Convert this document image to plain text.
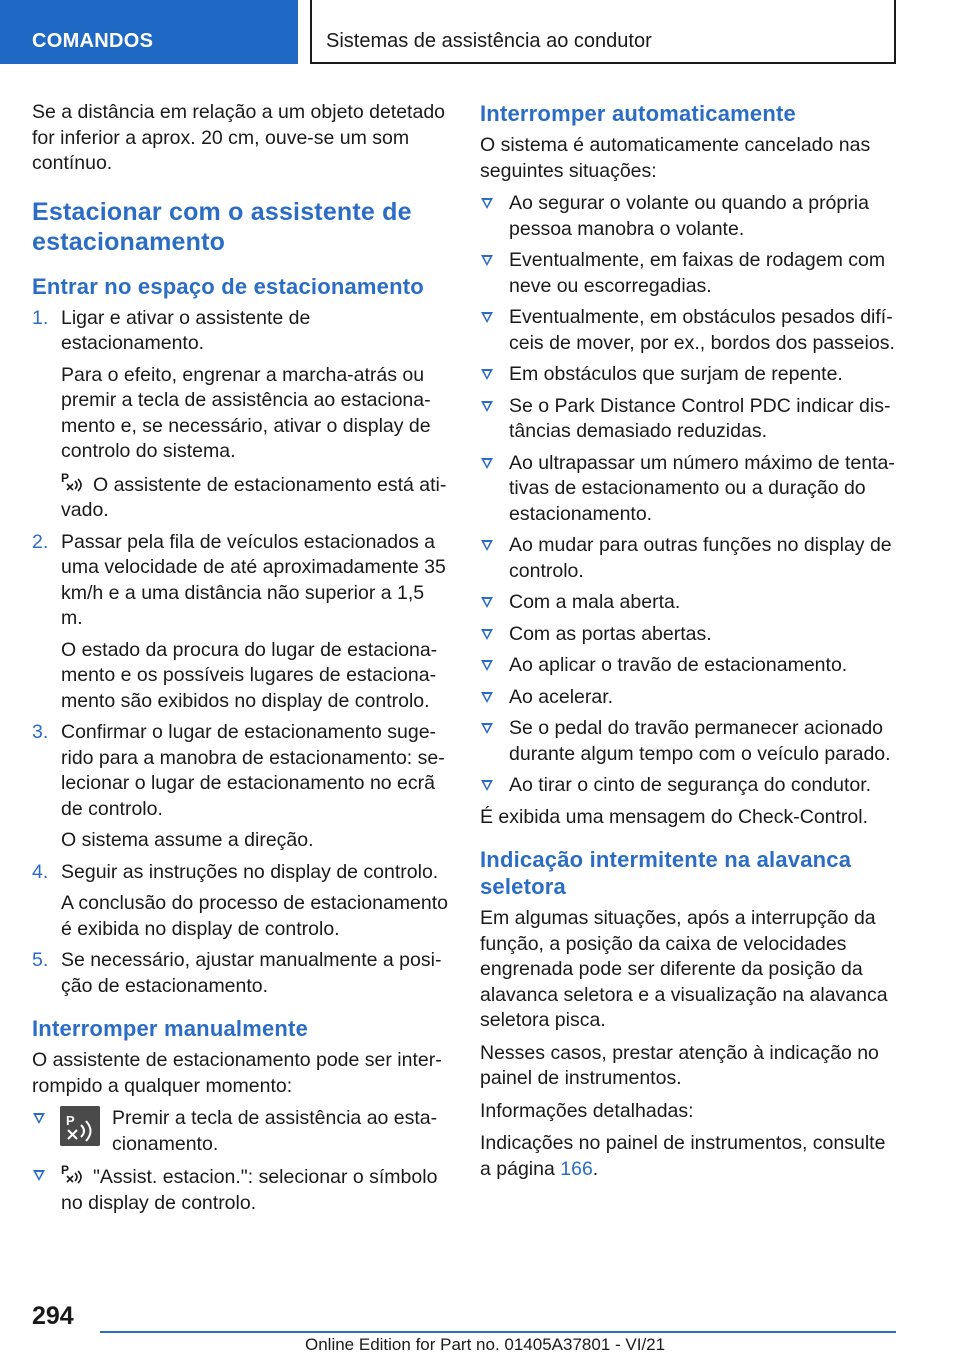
COMANDOS	Sistemas de assistência ao condutor

Se a distância em relação a um objeto detetado for inferior a aprox. 20 cm, ouve-se um som contínuo.

Estacionar com o assistente de estacionamento
Entrar no espaço de estacionamento
1. Ligar e ativar o assistente de estacionamento.

Para o efeito, engrenar a marcha-atrás ou premir a tecla de assistência ao estacionamento e, se necessário, ativar o display de controlo do sistema.

P O assistente de estacionamento está ativado.

2. Passar pela fila de veículos estacionados a uma velocidade de até aproximadamente 35 km/h e a uma distância não superior a 1,5 m.

O estado da procura do lugar de estacionamento e os possíveis lugares de estacionamento são exibidos no display de controlo.

3. Confirmar o lugar de estacionamento sugerido para a manobra de estacionamento: selecionar o lugar de estacionamento no ecrã de controlo.

O sistema assume a direção.

4. Seguir as instruções no display de controlo.

A conclusão do processo de estacionamento é exibida no display de controlo.

5. Se necessário, ajustar manualmente a posição de estacionamento.

Interromper manualmente

O assistente de estacionamento pode ser interrompido a qualquer momento:

P Premir a tecla de assistência ao estacionamento.
P "Assist. estacion.": selecionar o símbolo no display de controlo.
Interromper automaticamente

O sistema é automaticamente cancelado nas seguintes situações:

Ao segurar o volante ou quando a própria pessoa manobra o volante.
Eventualmente, em faixas de rodagem com neve ou escorregadias.
Eventualmente, em obstáculos pesados difíceis de mover, por ex., bordos dos passeios.
Em obstáculos que surjam de repente.
Se o Park Distance Control PDC indicar distâncias demasiado reduzidas.
Ao ultrapassar um número máximo de tentativas de estacionamento ou a duração do estacionamento.
Ao mudar para outras funções no display de controlo.
Com a mala aberta.
Com as portas abertas.
Ao aplicar o travão de estacionamento.
Ao acelerar.
Se o pedal do travão permanecer acionado durante algum tempo com o veículo parado.
Ao tirar o cinto de segurança do condutor.

É exibida uma mensagem do Check-Control.

Indicação intermitente na alavanca seletora

Em algumas situações, após a interrupção da função, a posição da caixa de velocidades engrenada pode ser diferente da posição da alavanca seletora e a visualização na alavanca seletora pisca.

Nesses casos, prestar atenção à indicação no painel de instrumentos.

Informações detalhadas:

Indicações no painel de instrumentos, consulte a página 166.

294
Online Edition for Part no. 01405A37801 - VI/21
